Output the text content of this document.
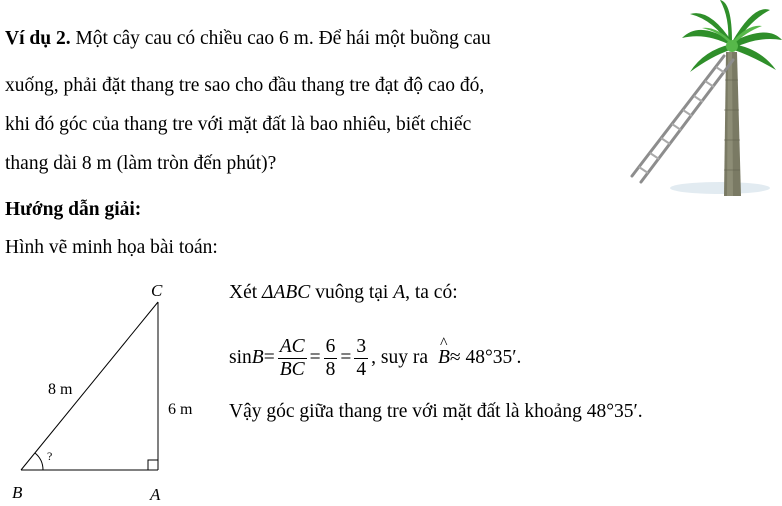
Ví dụ 2. Một cây cau có chiều cao 6 m. Để hái một buồng cau
xuống, phải đặt thang tre sao cho đầu thang tre đạt độ cao đó,
khi đó góc của thang tre với mặt đất là bao nhiêu, biết chiếc
thang dài 8 m (làm tròn đến phút)?
Hướng dẫn giải:
Hình vẽ minh họa bài toán:
C
B	A
8 m
6 m
?
Xét ΔABC vuông tại A, ta có:
$\sin B = \frac{AC}{BC} = \frac{6}{8} = \frac{3}{4}$ , suy ra
^ B ≈ 48°35′.
Vậy góc giữa thang tre với mặt đất là khoảng 48°35′.
